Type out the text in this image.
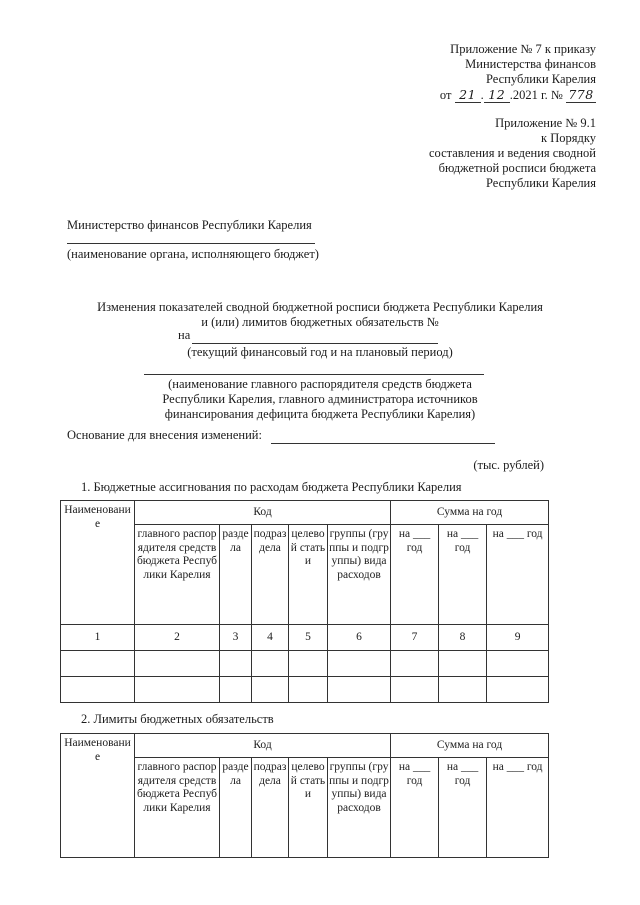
Приложение № 7 к приказу
Министерства финансов
Республики Карелия
от 21 . 12 .2021 г. № 778
Приложение № 9.1
к Порядку
составления и ведения сводной
бюджетной росписи бюджета
Республики Карелия
Министерство финансов Республики Карелия
(наименование органа, исполняющего бюджет)
Изменения показателей сводной бюджетной росписи бюджета Республики Карелия
и (или) лимитов бюджетных обязательств №
на
(текущий финансовый год и на плановый период)
(наименование главного распорядителя средств бюджета
Республики Карелия, главного администратора источников
финансирования дефицита бюджета Республики Карелия)
Основание для внесения изменений:
(тыс. рублей)
1. Бюджетные ассигнования по расходам бюджета Республики Карелия
Наименование	Код					Сумма на год		
	главного распорядителя средств бюджета Республики Карелия	раздела	подраздела	целевой статьи	группы (группы и подгруппы) вида расходов	на ___ год	на ___ год	на ___ год
1	2	3	4	5	6	7	8	9

2. Лимиты бюджетных обязательств
Наименование	Код					Сумма на год		
	главного распорядителя средств бюджета Республики Карелия	раздела	подраздела	целевой статьи	группы (группы и подгруппы) вида расходов	на ___ год	на ___ год	на ___ год
